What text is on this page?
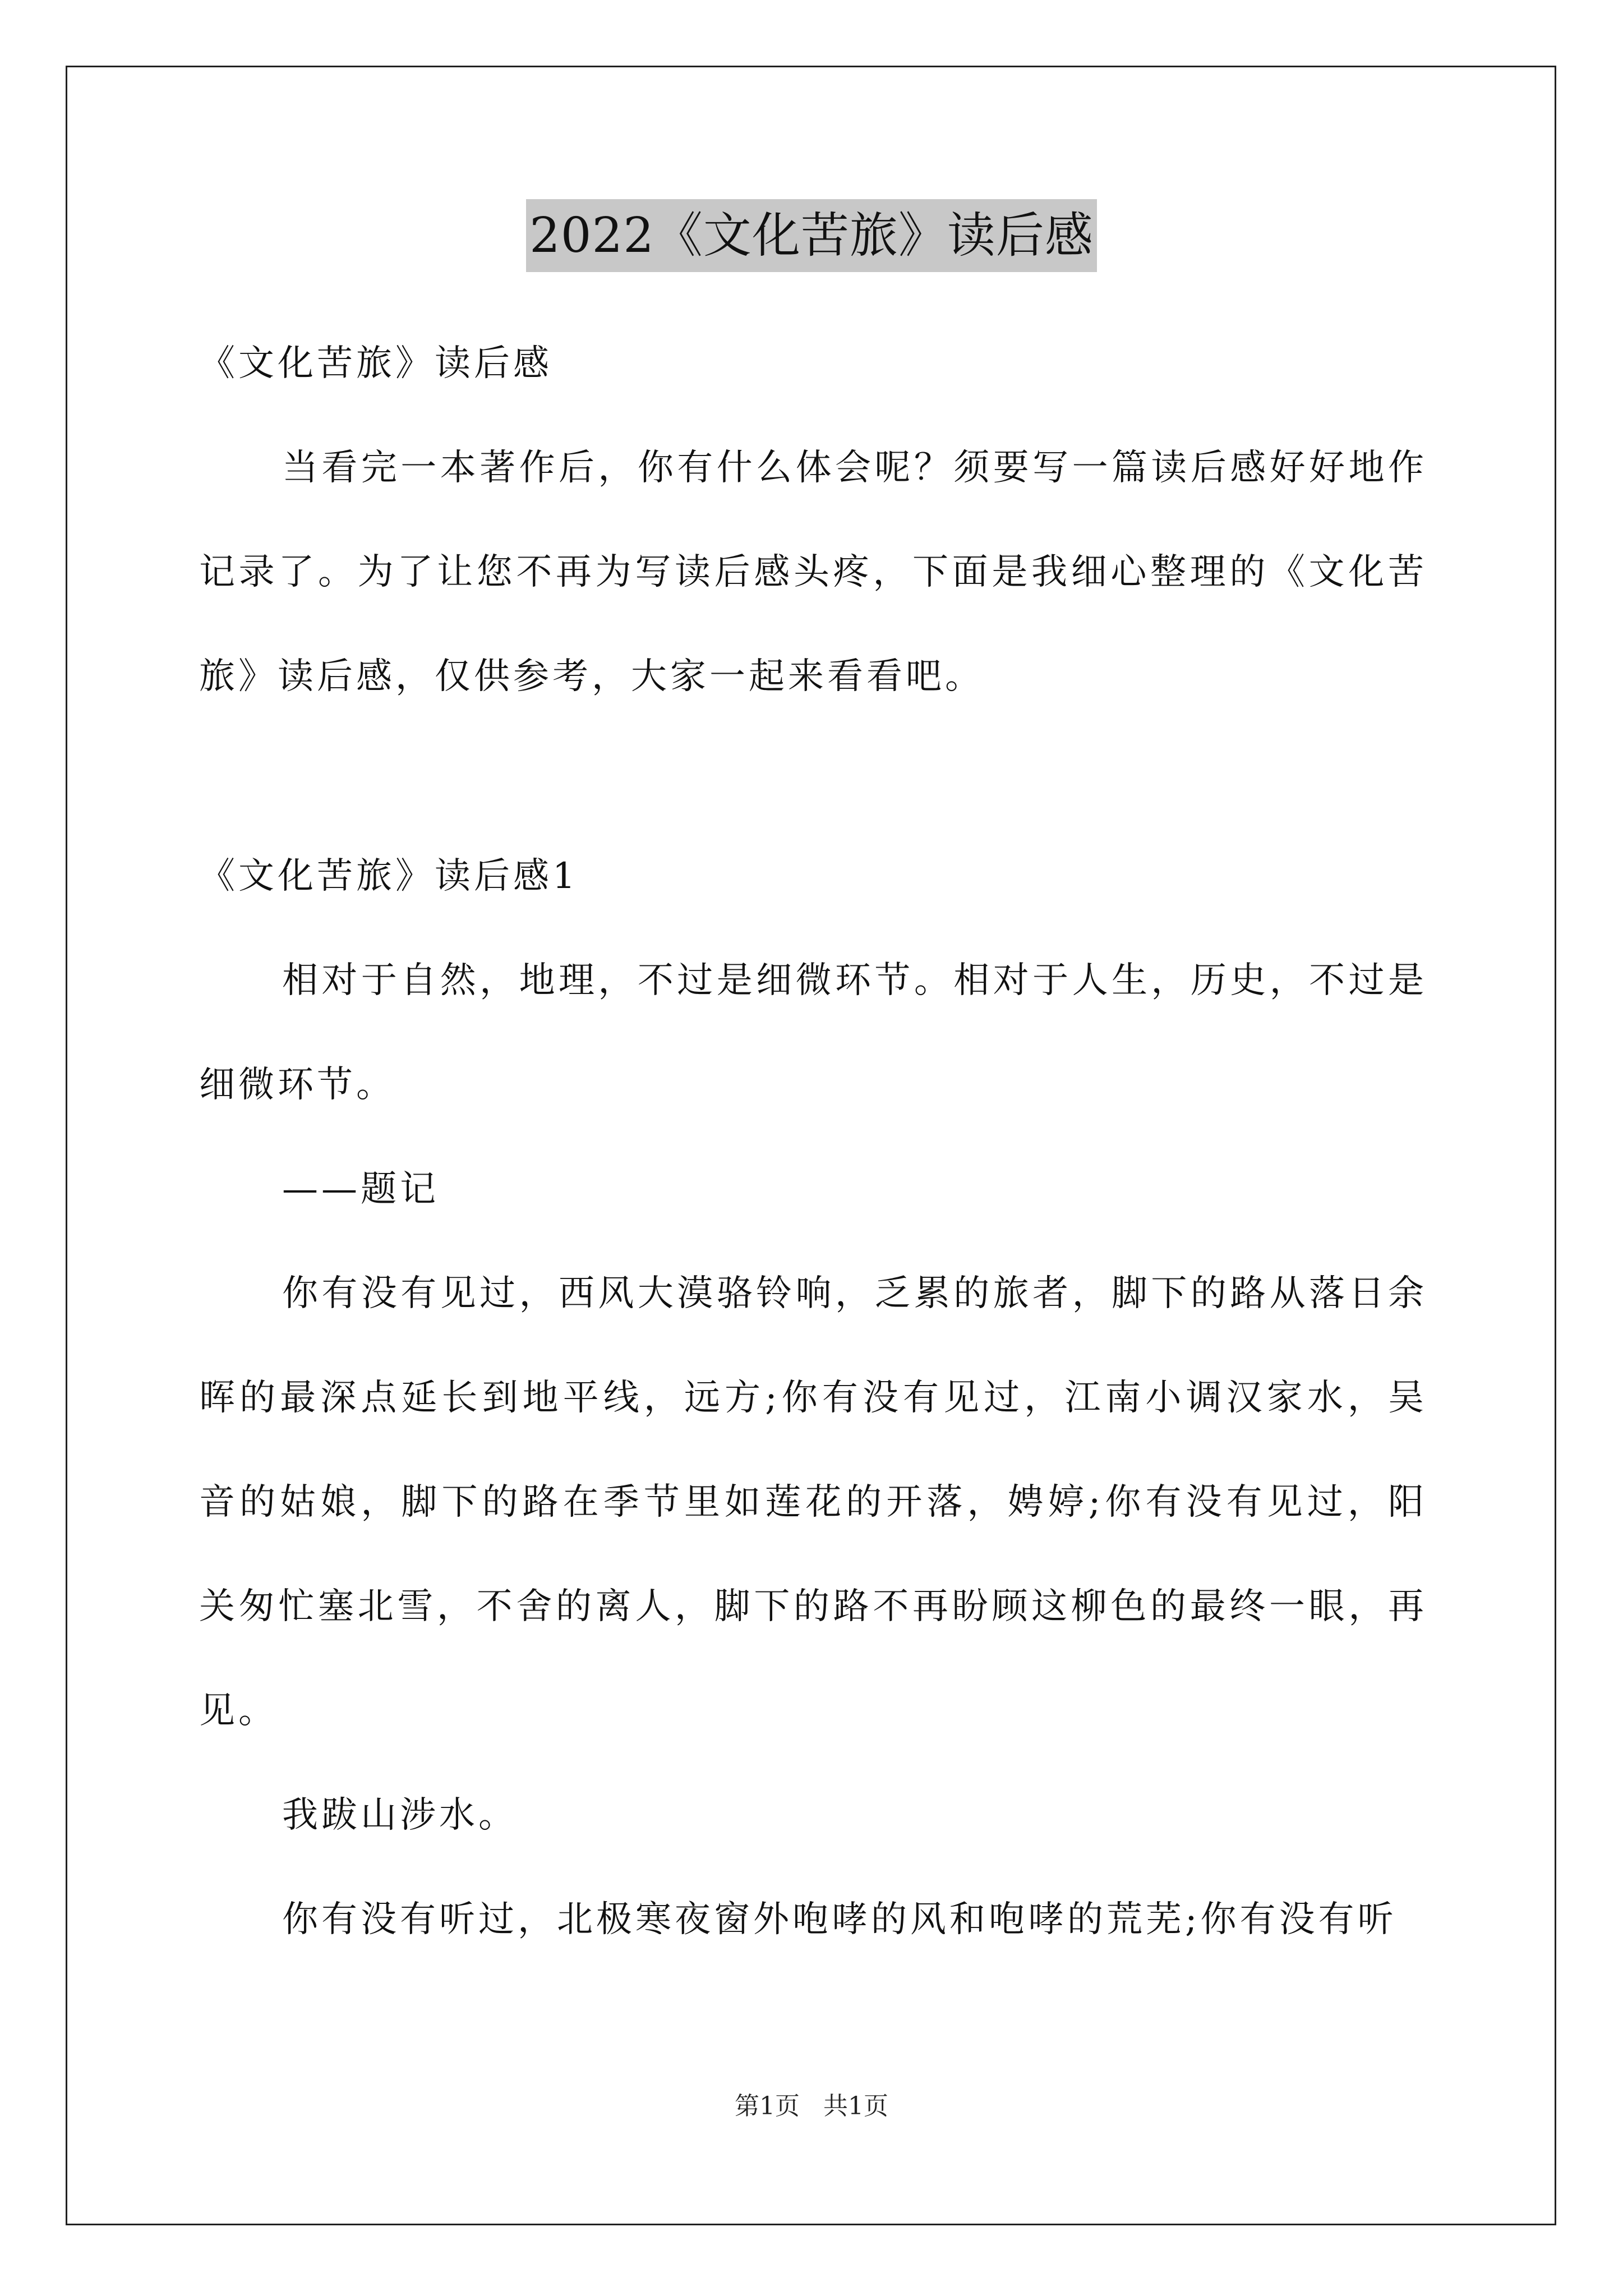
2022《文化苦旅》读后感

《文化苦旅》读后感

当看完一本著作后，你有什么体会呢？须要写一篇读后感好好地作记录了。为了让您不再为写读后感头疼，下面是我细心整理的《文化苦旅》读后感，仅供参考，大家一起来看看吧。

《文化苦旅》读后感1

相对于自然，地理，不过是细微环节。相对于人生，历史，不过是细微环节。

——题记

你有没有见过，西风大漠骆铃响，乏累的旅者，脚下的路从落日余晖的最深点延长到地平线，远方;你有没有见过，江南小调汉家水，吴音的姑娘，脚下的路在季节里如莲花的开落，娉婷;你有没有见过，阳关匆忙塞北雪，不舍的离人，脚下的路不再盼顾这柳色的最终一眼，再见。

我跋山涉水。

你有没有听过，北极寒夜窗外咆哮的风和咆哮的荒芜;你有没有听

第1页   共1页
